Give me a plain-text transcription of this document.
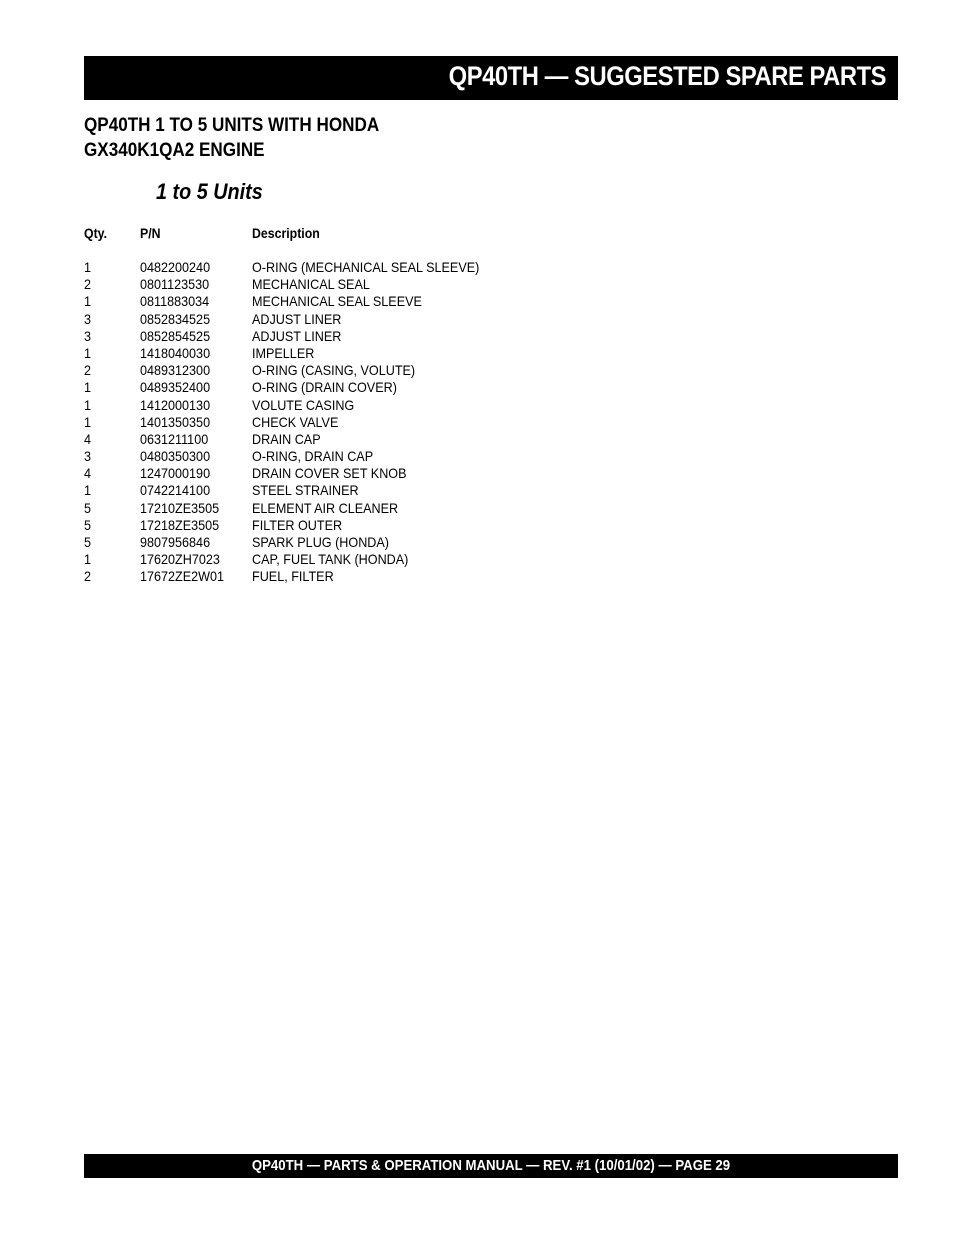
QP40TH — SUGGESTED SPARE PARTS
QP40TH 1 TO 5 UNITS WITH HONDA
GX340K1QA2 ENGINE
1 to 5 Units
Qty. P/N	Description
1	0482200240	O-RING (MECHANICAL SEAL SLEEVE)
2	0801123530	MECHANICAL SEAL
1	0811883034	MECHANICAL SEAL SLEEVE
3	0852834525	ADJUST LINER
3	0852854525	ADJUST LINER
1	1418040030	IMPELLER
2	0489312300	O-RING (CASING, VOLUTE)
1	0489352400	O-RING (DRAIN COVER)
1	1412000130	VOLUTE CASING
1	1401350350	CHECK VALVE
4	0631211100	DRAIN CAP
3	0480350300	O-RING, DRAIN CAP
4	1247000190	DRAIN COVER SET KNOB
1	0742214100	STEEL STRAINER
5	17210ZE3505 ELEMENT AIR CLEANER
5	17218ZE3505 FILTER OUTER
5	9807956846	SPARK PLUG (HONDA)
1	17620ZH7023 CAP, FUEL TANK (HONDA)
2	17672ZE2W01 FUEL, FILTER
QP40TH — PARTS & OPERATION MANUAL — REV. #1 (10/01/02) — PAGE 29
